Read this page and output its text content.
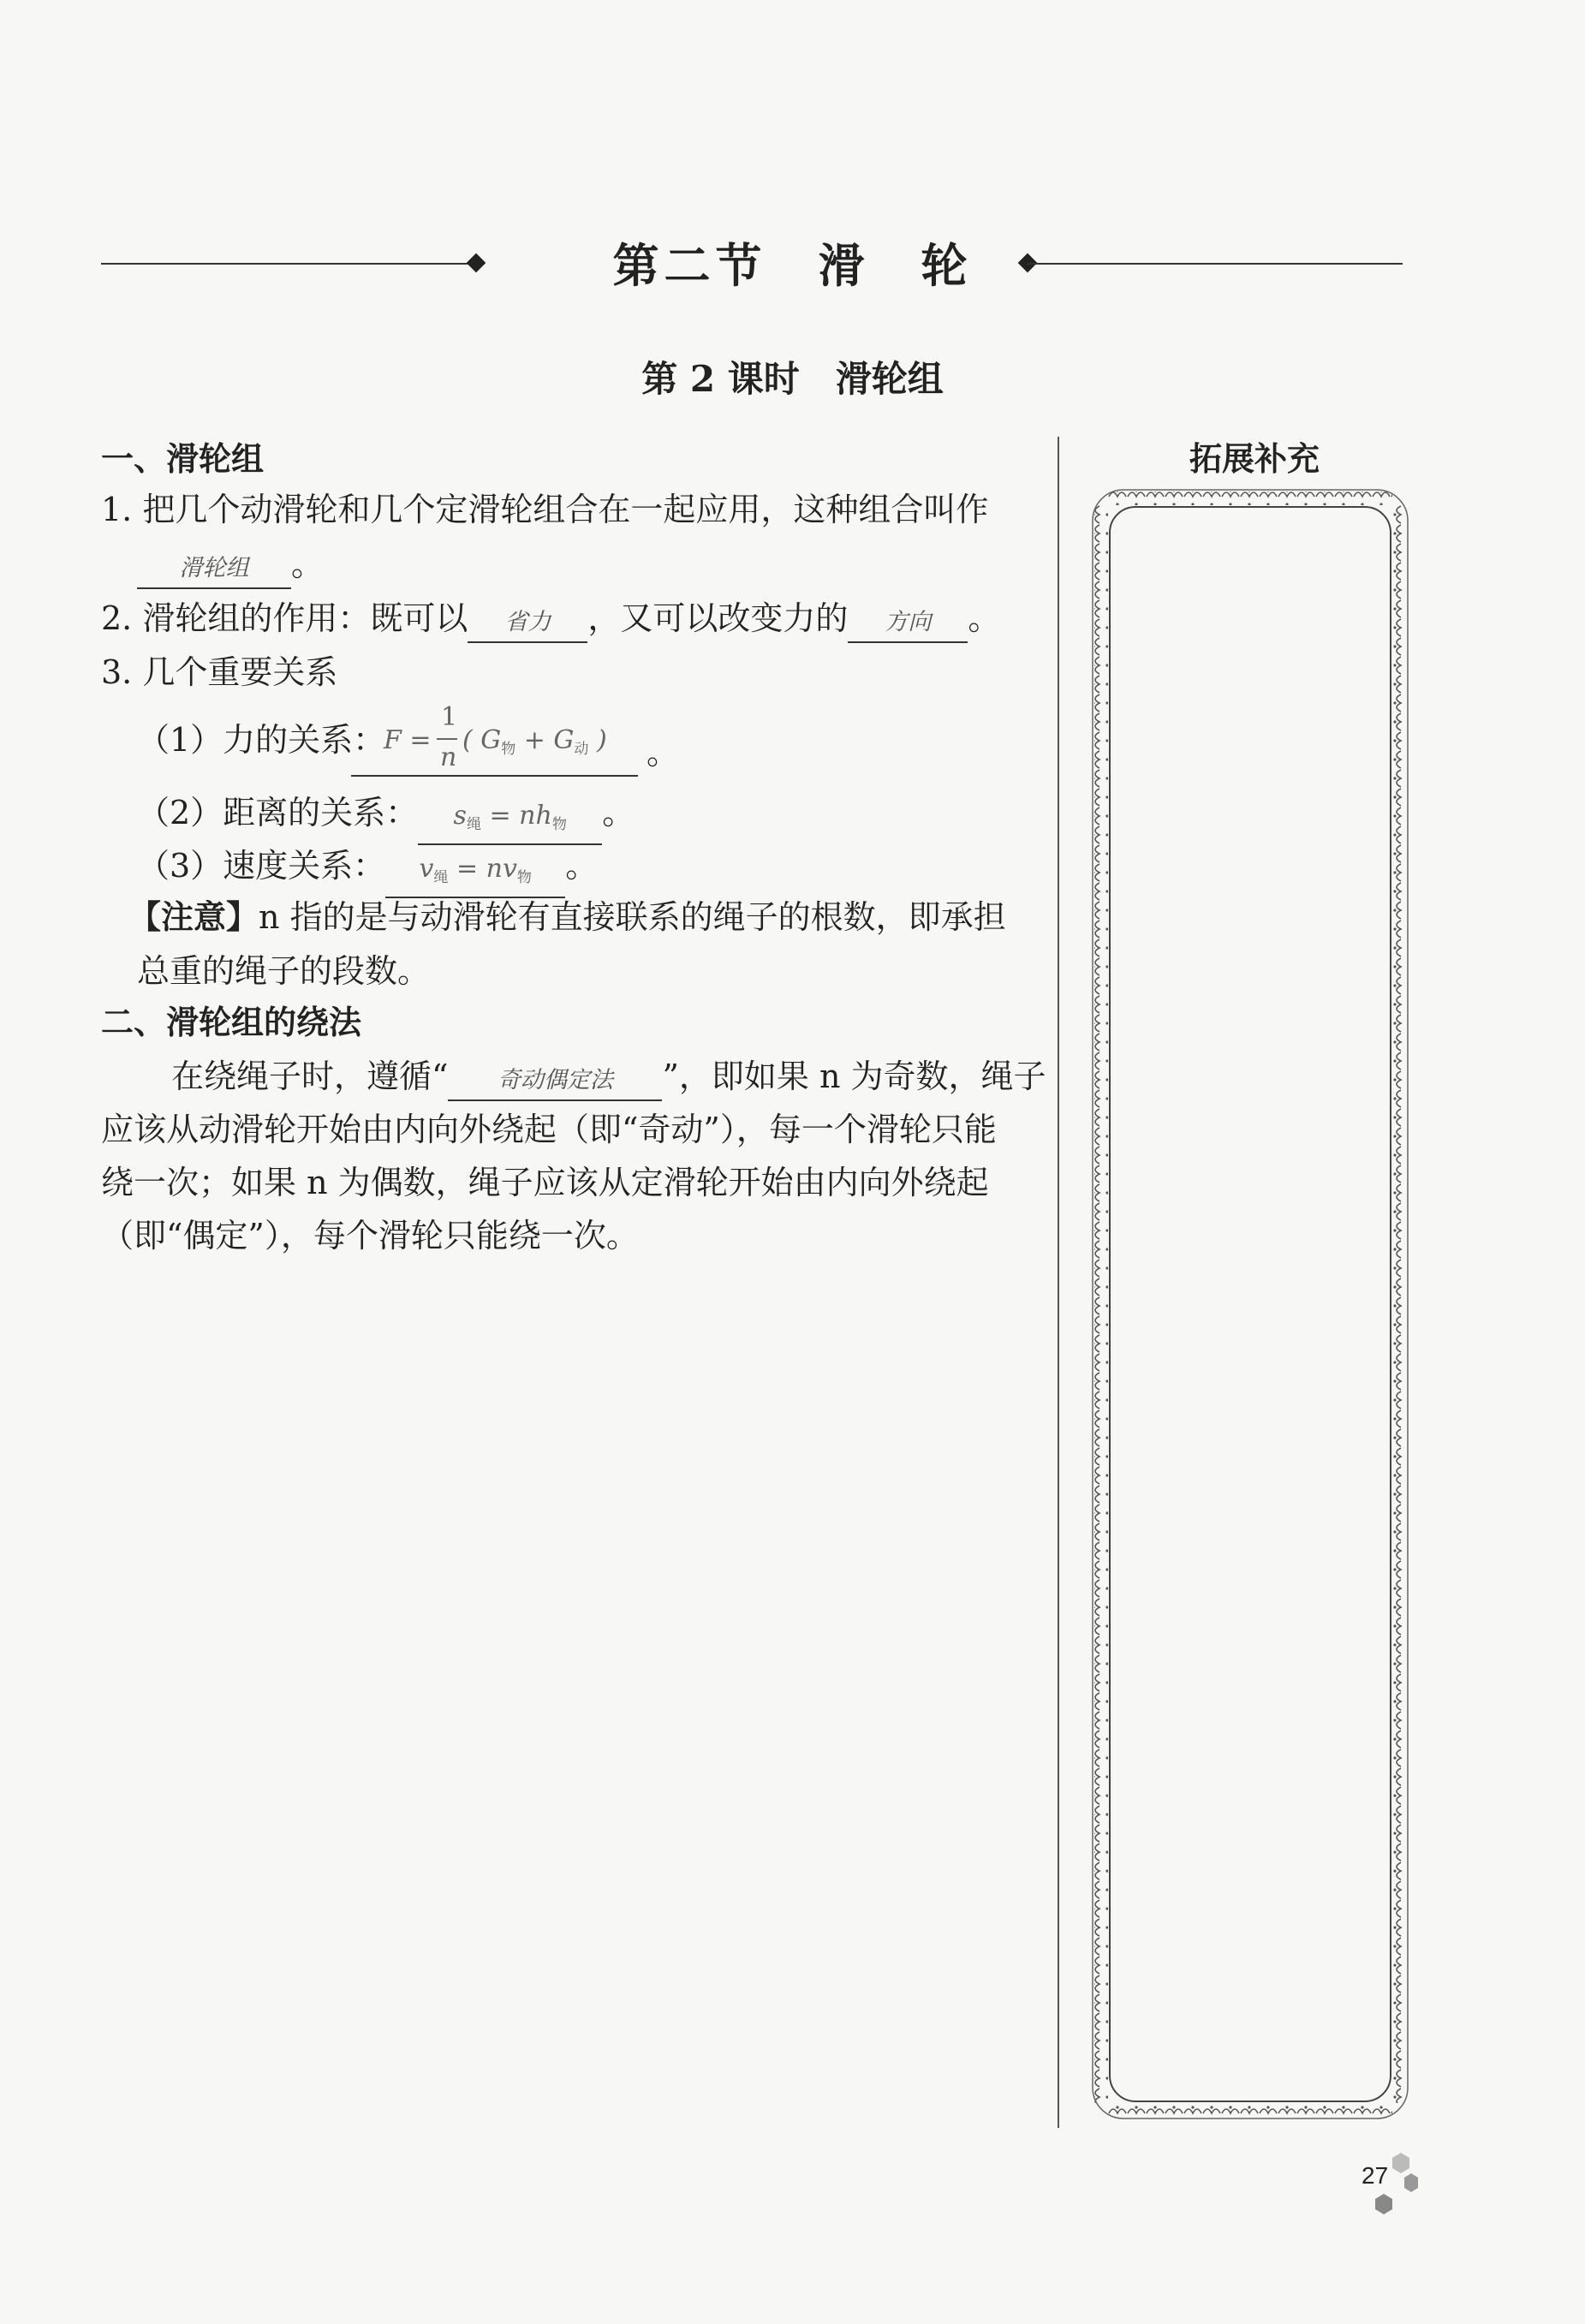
第二节　滑　轮
第 2 课时　滑轮组
一、滑轮组
1. 把几个动滑轮和几个定滑轮组合在一起应用，这种组合叫作
滑轮组 。
2. 滑轮组的作用：既可以 省力 ，又可以改变力的 方向 。
3. 几个重要关系
（1）力的关系：
F =
1
n
( $G_物 + G_动$ ) 。
（2）距离的关系： $s_绳 = nh_物$ 。
（3）速度关系： $v_绳 = nv_物$ 。
【注意】n 指的是与动滑轮有直接联系的绳子的根数，即承担
总重的绳子的段数。
二、滑轮组的绕法
在绕绳子时，遵循“ 奇动偶定法 ”，即如果 n 为奇数，绳子
应该从动滑轮开始由内向外绕起（即“奇动”），每一个滑轮只能
绕一次；如果 n 为偶数，绳子应该从定滑轮开始由内向外绕起
（即“偶定”），每个滑轮只能绕一次。
拓展补充
27
